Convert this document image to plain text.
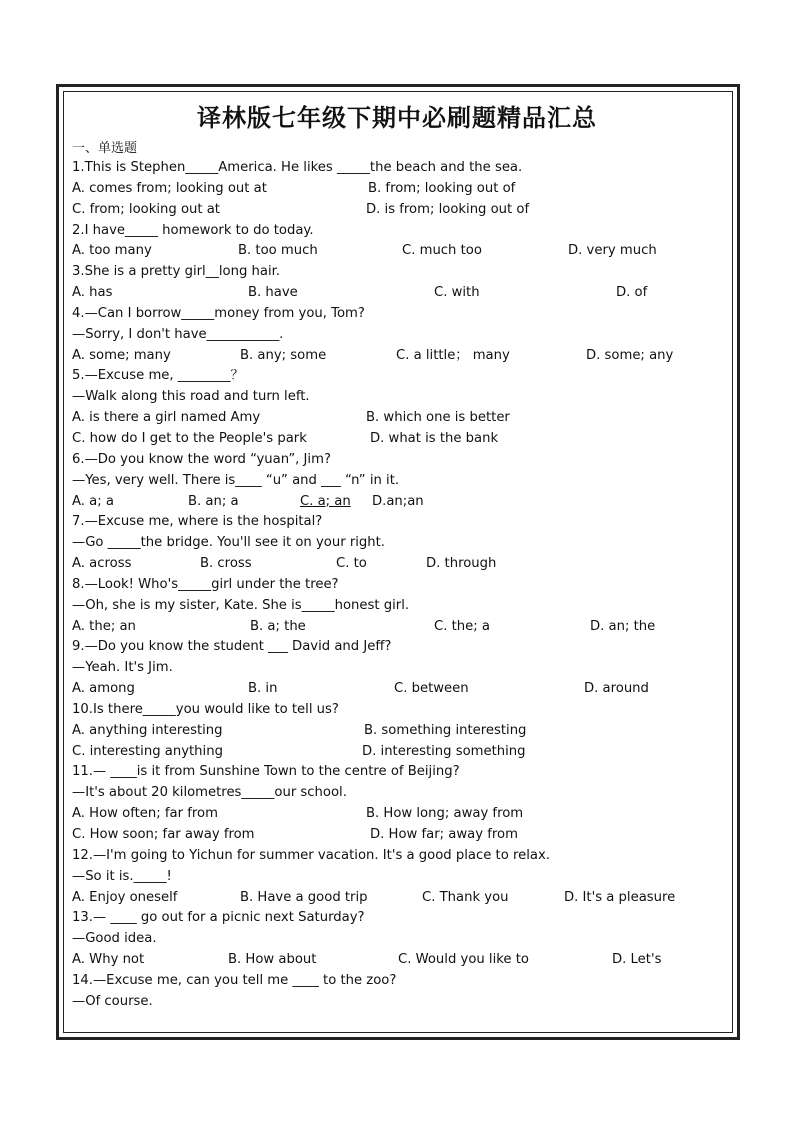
译林版七年级下期中必刷题精品汇总
一、单选题
1.This is Stephen_____America. He likes _____the beach and the sea.
A. comes from; looking out at	B. from; looking out of
C. from; looking out at	D. is from; looking out of
2.I have_____ homework to do today.
A. too many	B. too much	C. much too	D. very much
3.She is a pretty girl__long hair.
A. has	B. have	C. with	D. of
4.—Can I borrow_____money from you, Tom?
—Sorry, I don't have___________.
A. some; many	B. any; some	C. a little； many	D. some; any
5.—Excuse me, ________？
—Walk along this road and turn left.
A. is there a girl named Amy	B. which one is better
C. how do I get to the People's park	D. what is the bank
6.—Do you know the word “yuan”, Jim?
—Yes, very well. There is____ “u” and ___ “n” in it.
A. a; a	B. an; a	C. a; an D.an;an
7.—Excuse me, where is the hospital?
—Go _____the bridge. You'll see it on your right.
A. across	B. cross	C. to	D. through
8.—Look! Who's_____girl under the tree?
—Oh, she is my sister, Kate. She is_____honest girl.
A. the; an	B. a; the	C. the; a	D. an; the
9.—Do you know the student ___ David and Jeff?
—Yeah. It's Jim.
A. among	B. in	C. between	D. around
10.Is there_____you would like to tell us?
A. anything interesting	B. something interesting
C. interesting anything	D. interesting something
11.— ____is it from Sunshine Town to the centre of Beijing?
—It's about 20 kilometres_____our school.
A. How often; far from	B. How long; away from
C. How soon; far away from	D. How far; away from
12.—I'm going to Yichun for summer vacation. It's a good place to relax.
—So it is._____!
A. Enjoy oneself	B. Have a good trip	C. Thank you	D. It's a pleasure
13.— ____ go out for a picnic next Saturday?
—Good idea.
A. Why not	B. How about	C. Would you like to	D. Let's
14.—Excuse me, can you tell me ____ to the zoo?
—Of course.
